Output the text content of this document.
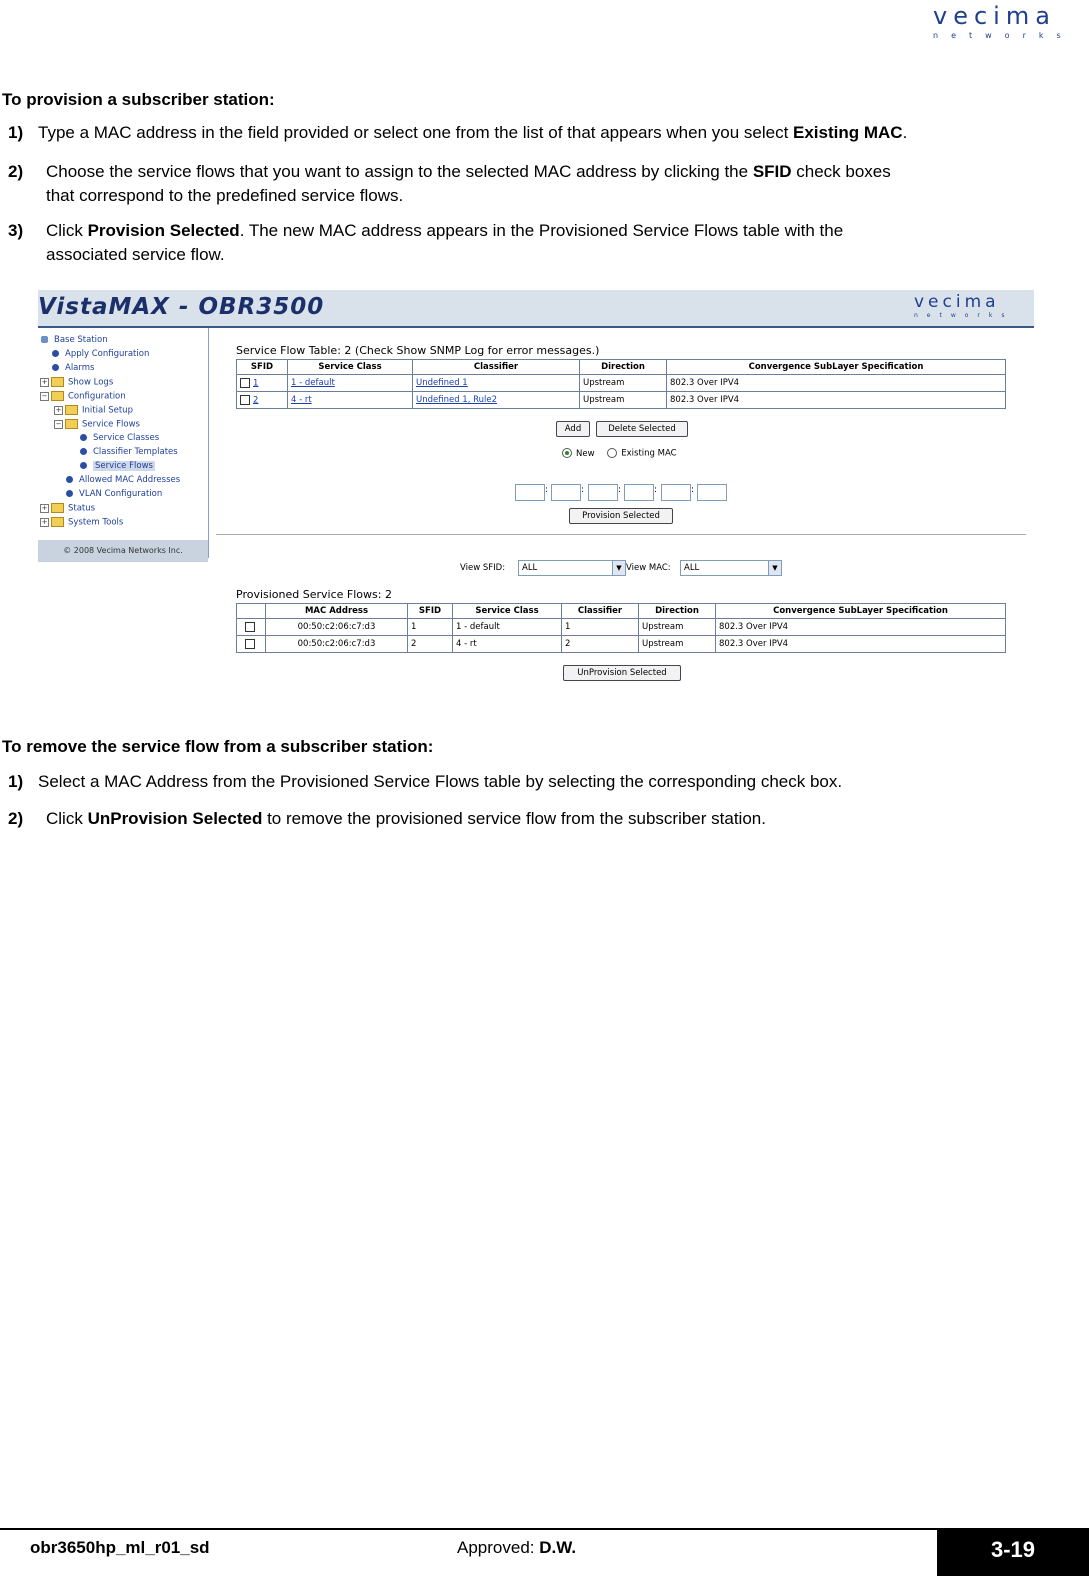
vecima
networks
To provision a subscriber station:
1) Type a MAC address in the field provided or select one from the list of that appears when you select Existing MAC.
2) Choose the service flows that you want to assign to the selected MAC address by clicking the SFID check boxes
that correspond to the predefined service flows.
3) Click Provision Selected. The new MAC address appears in the Provisioned Service Flows table with the
associated service flow.
VistaMAX - OBR3500	vecima
networks
Base Station
Apply Configuration
Alarms
+ Show Logs
− Configuration
+ Initial Setup
− Service Flows
Service Classes
Classifier Templates
Service Flows
Allowed MAC Addresses
VLAN Configuration
+ Status
+ System Tools
© 2008 Vecima Networks Inc.
Service Flow Table: 2 (Check Show SNMP Log for error messages.)
SFID	Service Class	Classifier	Direction	Convergence SubLayer Specification
1	1 - default	Undefined 1	Upstream	802.3 Over IPV4
2	4 - rt	Undefined 1, Rule2	Upstream	802.3 Over IPV4
Add	Delete Selected
New	Existing MAC
:	:	:	:	:
Provision Selected
View SFID:	ALL	▼ View MAC:	ALL	▼
Provisioned Service Flows: 2
	MAC Address	SFID	Service Class	Classifier	Direction	Convergence SubLayer Specification
	00:50:c2:06:c7:d3	1	1 - default	1	Upstream	802.3 Over IPV4
	00:50:c2:06:c7:d3	2	4 - rt	2	Upstream	802.3 Over IPV4
UnProvision Selected
To remove the service flow from a subscriber station:
1) Select a MAC Address from the Provisioned Service Flows table by selecting the corresponding check box.
2) Click UnProvision Selected to remove the provisioned service flow from the subscriber station.
obr3650hp_ml_r01_sd	Approved: D.W.	3-19
